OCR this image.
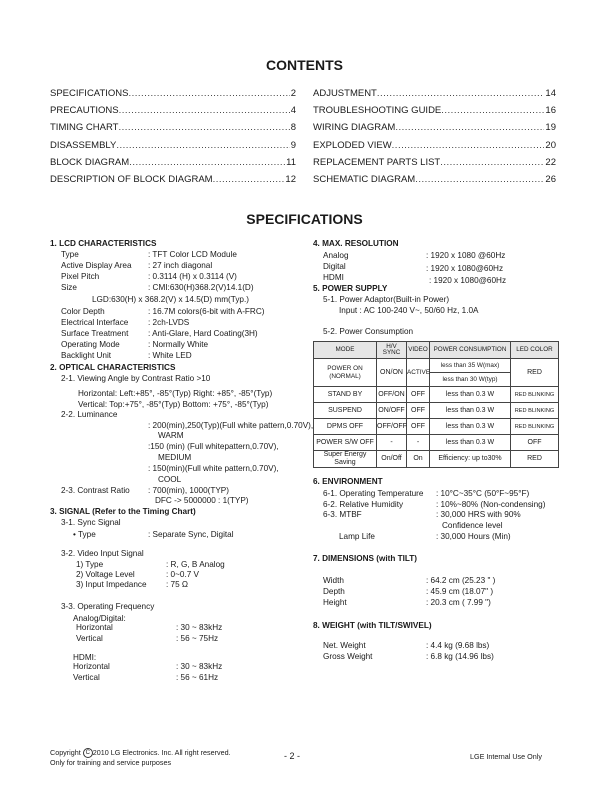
CONTENTS
SPECIFICATIONS .....	2
PRECAUTIONS .....	4
TIMING CHART .....	8
DISASSEMBLY .....	9
BLOCK DIAGRAM .....	11
DESCRIPTION OF BLOCK DIAGRAM .....	12
ADJUSTMENT .....	14
TROUBLESHOOTING GUIDE .....	16
WIRING DIAGRAM .....	19
EXPLODED VIEW .....	20
REPLACEMENT PARTS LIST .....	22
SCHEMATIC DIAGRAM .....	26
SPECIFICATIONS
1. LCD CHARACTERISTICS
Type	: TFT Color LCD Module
Active Display Area : 27 inch diagonal
Pixel Pitch	: 0.3114 (H) x 0.3114 (V)
Size	: CMI:630(H)368.2(V)14.1(D)
LGD:630(H) x 368.2(V) x 14.5(D) mm(Typ.)
Color Depth	: 16.7M colors(6-bit with A-FRC)
Electrical Interface : 2ch-LVDS
Surface Treatment : Anti-Glare, Hard Coating(3H)
Operating Mode	: Normally White
Backlight Unit	: White LED
2. OPTICAL CHARACTERISTICS
2-1. Viewing Angle by Contrast Ratio >10
Horizontal: Left:+85°, -85°(Typ) Right: +85°, -85°(Typ)
Vertical: Top:+75°, -85°(Typ) Bottom: +75°, -85°(Typ)
2-2. Luminance
: 200(min),250(Typ)(Full white pattern,0.70V),
WARM
:150 (min) (Full whitepattern,0.70V),
MEDIUM
: 150(min)(Full white pattern,0.70V),
COOL
2-3. Contrast Ratio : 700(min), 1000(TYP)
DFC -> 5000000 : 1(TYP)
3. SIGNAL (Refer to the Timing Chart)
3-1. Sync Signal
• Type	: Separate Sync, Digital
3-2. Video Input Signal
1) Type	: R, G, B Analog
2) Voltage Level	: 0~0.7 V
3) Input Impedance : 75 Ω
3-3. Operating Frequency
Analog/Digital:
Horizontal	: 30 ~ 83kHz
Vertical	: 56 ~ 75Hz
HDMI:
Horizontal	: 30 ~ 83kHz
Vertical	: 56 ~ 61Hz
4. MAX. RESOLUTION
Analog	: 1920 x 1080 @60Hz
Digital	: 1920 x 1080@60Hz
HDMI	: 1920 x 1080@60Hz
5. POWER SUPPLY
5-1. Power Adaptor(Built-in Power)
Input : AC 100-240 V~, 50/60 Hz, 1.0A
5-2. Power Consumption
6. ENVIRONMENT
6-1. Operating Temperature : 10°C~35°C (50°F~95°F)
6-2. Relative Humidity	: 10%~80% (Non-condensing)
6-3. MTBF	: 30,000 HRS with 90%
Confidence level
Lamp Life	: 30,000 Hours (Min)
7. DIMENSIONS (with TILT)
Width	: 64.2 cm (25.23 " )
Depth	: 45.9 cm (18.07" )
Height	: 20.3 cm ( 7.99 ")
8. WEIGHT (with TILT/SWIVEL)
Net. Weight	: 4.4 kg (9.68 lbs)
Gross Weight	: 6.8 kg (14.96 lbs)
MODE	H/V SYNC	VIDEO	POWER CONSUMPTION	LED COLOR
POWER ON (NORMAL)	ON/ON	ACTIVE	less than 35 W(max)	RED
			less than 30 W(typ)	
STAND BY	OFF/ON	OFF	less than 0.3 W	RED BLINKING
SUSPEND	ON/OFF	OFF	less than 0.3 W	RED BLINKING
DPMS OFF	OFF/OFF	OFF	less than 0.3 W	RED BLINKING
POWER S/W OFF	-	-	less than 0.3 W	OFF
Super Energy Saving	On/Off	On	Efficiency: up to30%	RED
Copyright C 2010 LG Electronics. Inc. All right reserved.
Only for training and service purposes
- 2 -	LGE Internal Use Only
